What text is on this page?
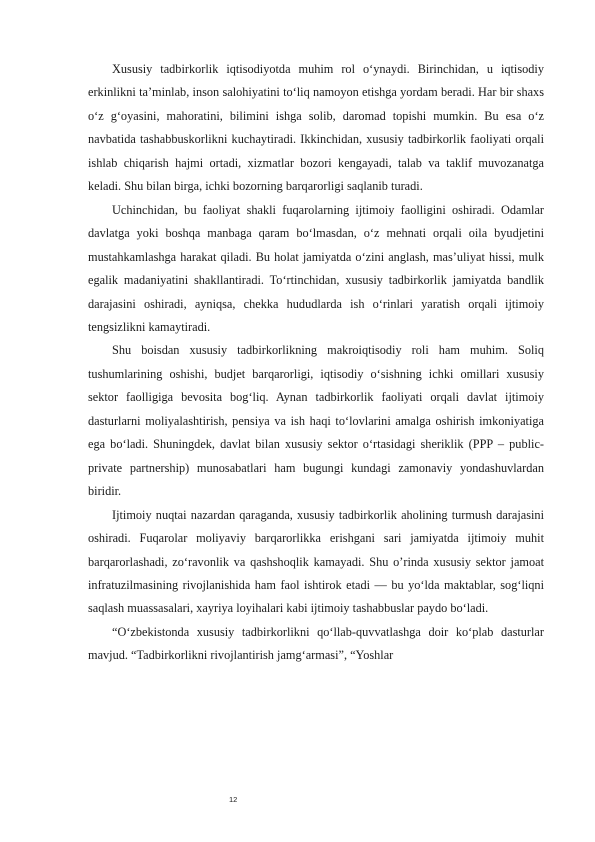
Xususiy tadbirkorlik iqtisodiyotda muhim rol o‘ynaydi. Birinchidan, u iqtisodiy erkinlikni ta’minlab, inson salohiyatini to‘liq namoyon etishga yordam beradi. Har bir shaxs o‘z g‘oyasini, mahoratini, bilimini ishga solib, daromad topishi mumkin. Bu esa o‘z navbatida tashabbuskorlikni kuchaytiradi. Ikkinchidan, xususiy tadbirkorlik faoliyati orqali ishlab chiqarish hajmi ortadi, xizmatlar bozori kengayadi, talab va taklif muvozanatga keladi. Shu bilan birga, ichki bozorning barqarorligi saqlanib turadi.

Uchinchidan, bu faoliyat shakli fuqarolarning ijtimoiy faolligini oshiradi. Odamlar davlatga yoki boshqa manbaga qaram bo‘lmasdan, o‘z mehnati orqali oila byudjetini mustahkamlashga harakat qiladi. Bu holat jamiyatda o‘zini anglash, mas’uliyat hissi, mulk egalik madaniyatini shakllantiradi. To‘rtinchidan, xususiy tadbirkorlik jamiyatda bandlik darajasini oshiradi, ayniqsa, chekka hududlarda ish o‘rinlari yaratish orqali ijtimoiy tengsizlikni kamaytiradi.

Shu boisdan xususiy tadbirkorlikning makroiqtisodiy roli ham muhim. Soliq tushumlarining oshishi, budjet barqarorligi, iqtisodiy o‘sishning ichki omillari xususiy sektor faolligiga bevosita bog‘liq. Aynan tadbirkorlik faoliyati orqali davlat ijtimoiy dasturlarni moliyalashtirish, pensiya va ish haqi to‘lovlarini amalga oshirish imkoniyatiga ega bo‘ladi. Shuningdek, davlat bilan xususiy sektor o‘rtasidagi sheriklik (PPP – public-private partnership) munosabatlari ham bugungi kundagi zamonaviy yondashuvlardan biridir.

Ijtimoiy nuqtai nazardan qaraganda, xususiy tadbirkorlik aholining turmush darajasini oshiradi. Fuqarolar moliyaviy barqarorlikka erishgani sari jamiyatda ijtimoiy muhit barqarorlashadi, zo‘ravonlik va qashshoqlik kamayadi. Shu o’rinda xususiy sektor jamoat infratuzilmasining rivojlanishida ham faol ishtirok etadi — bu yo‘lda maktablar, sog‘liqni saqlash muassasalari, xayriya loyihalari kabi ijtimoiy tashabbuslar paydo bo‘ladi.

“O‘zbekistonda xususiy tadbirkorlikni qo‘llab-quvvatlashga doir ko‘plab dasturlar mavjud. “Tadbirkorlikni rivojlantirish jamg‘armasi”, “Yoshlar

12
